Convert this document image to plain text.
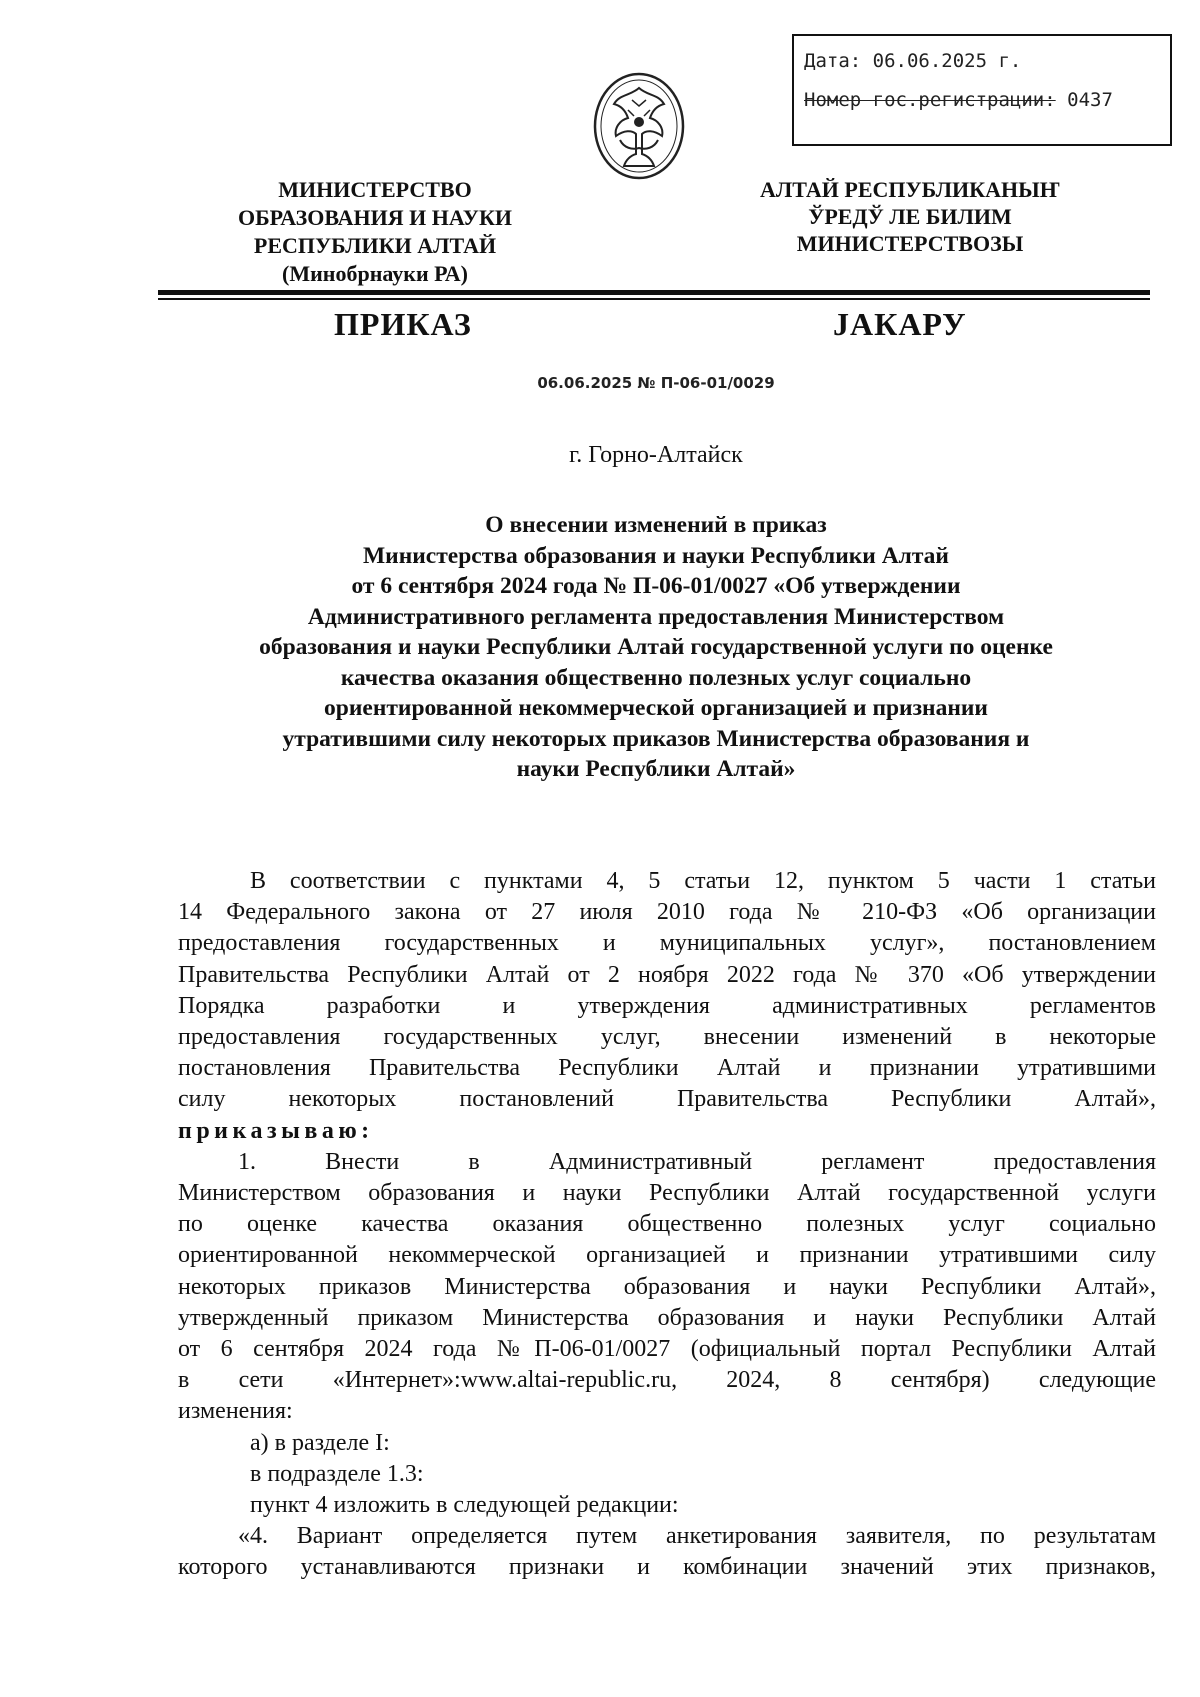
Дата: 06.06.2025 г.
Номер гос.регистрации: 0437
МИНИСТЕРСТВО
ОБРАЗОВАНИЯ И НАУКИ
РЕСПУБЛИКИ АЛТАЙ
(Минобрнауки РА)
АЛТАЙ РЕСПУБЛИКАНЫҤ
ЎРЕДЎ ЛЕ БИЛИМ
МИНИСТЕРСТВОЗЫ
ПРИКАЗ	ЈАКАРУ
06.06.2025 № П-06-01/0029
г. Горно-Алтайск
О внесении изменений в приказ
Министерства образования и науки Республики Алтай
от 6 сентября 2024 года № П-06-01/0027 «Об утверждении
Административного регламента предоставления Министерством
образования и науки Республики Алтай государственной услуги по оценке
качества оказания общественно полезных услуг социально
ориентированной некоммерческой организацией и признании
утратившими силу некоторых приказов Министерства образования и
науки Республики Алтай»

В соответствии с пунктами 4, 5 статьи 12, пунктом 5 части 1 статьи

14 Федерального закона от 27 июля 2010 года № 210-ФЗ «Об организации

предоставления государственных и муниципальных услуг», постановлением

Правительства Республики Алтай от 2 ноября 2022 года № 370 «Об утверждении

Порядка разработки и утверждения административных регламентов

предоставления государственных услуг, внесении изменений в некоторые

постановления Правительства Республики Алтай и признании утратившими

силу некоторых постановлений Правительства Республики Алтай»,

приказываю:

1. Внести в Административный регламент предоставления

Министерством образования и науки Республики Алтай государственной услуги

по оценке качества оказания общественно полезных услуг социально

ориентированной некоммерческой организацией и признании утратившими силу

некоторых приказов Министерства образования и науки Республики Алтай»,

утвержденный приказом Министерства образования и науки Республики Алтай

от 6 сентября 2024 года №П-06-01/0027 (официальный портал Республики Алтай

в сети «Интернет»:www.altai-republic.ru, 2024, 8 сентября) следующие

изменения:

а) в разделе I:

в подразделе 1.3:

пункт 4 изложить в следующей редакции:

«4. Вариант определяется путем анкетирования заявителя, по результатам

которого устанавливаются признаки и комбинации значений этих признаков,
